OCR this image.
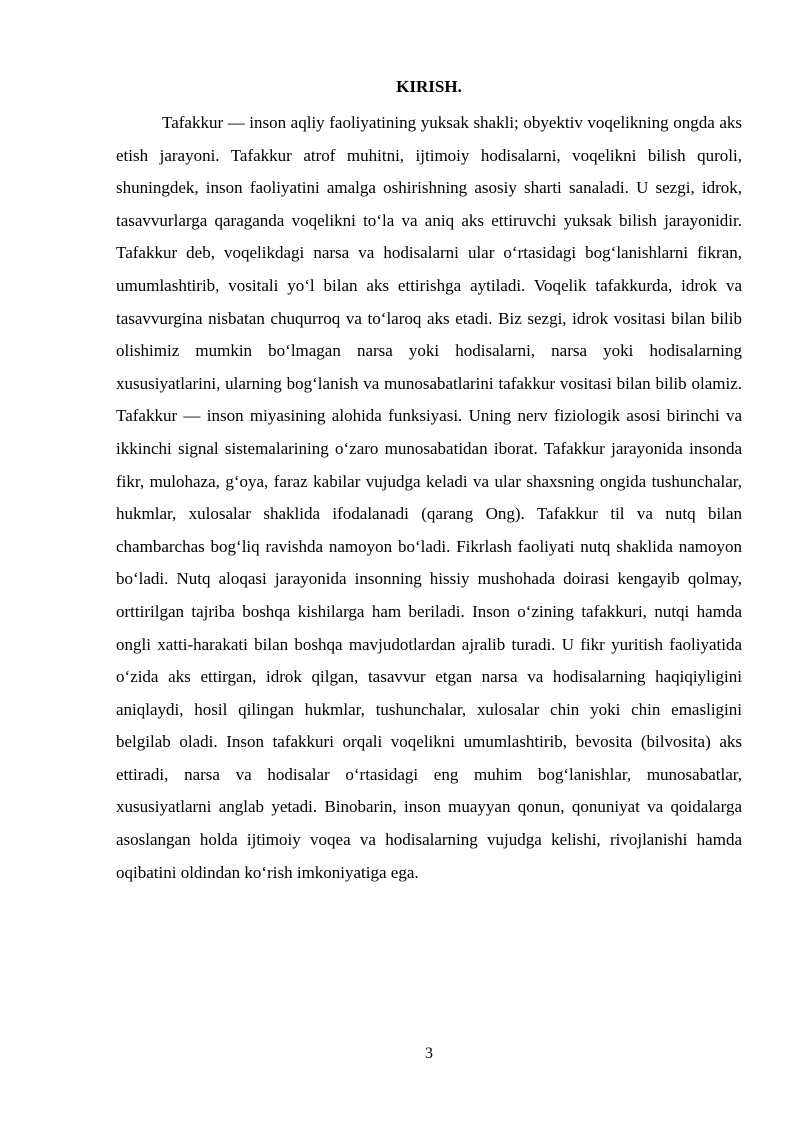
KIRISH.

Tafakkur — inson aqliy faoliyatining yuksak shakli; obyektiv voqelikning ongda aks etish jarayoni. Tafakkur atrof muhitni, ijtimoiy hodisalarni, voqelikni bilish quroli, shuningdek, inson faoliyatini amalga oshirishning asosiy sharti sanaladi. U sezgi, idrok, tasavvurlarga qaraganda voqelikni to‘la va aniq aks ettiruvchi yuksak bilish jarayonidir. Tafakkur deb, voqelikdagi narsa va hodisalarni ular o‘rtasidagi bog‘lanishlarni fikran, umumlashtirib, vositali yo‘l bilan aks ettirishga aytiladi. Voqelik tafakkurda, idrok va tasavvurgina nisbatan chuqurroq va to‘laroq aks etadi. Biz sezgi, idrok vositasi bilan bilib olishimiz mumkin bo‘lmagan narsa yoki hodisalarni, narsa yoki hodisalarning xususiyatlarini, ularning bog‘lanish va munosabatlarini tafakkur vositasi bilan bilib olamiz. Tafakkur — inson miyasining alohida funksiyasi. Uning nerv fiziologik asosi birinchi va ikkinchi signal sistemalarining o‘zaro munosabatidan iborat. Tafakkur jarayonida insonda fikr, mulohaza, g‘oya, faraz kabilar vujudga keladi va ular shaxsning ongida tushunchalar, hukmlar, xulosalar shaklida ifodalanadi (qarang Ong). Tafakkur til va nutq bilan chambarchas bog‘liq ravishda namoyon bo‘ladi. Fikrlash faoliyati nutq shaklida namoyon bo‘ladi. Nutq aloqasi jarayonida insonning hissiy mushohada doirasi kengayib qolmay, orttirilgan tajriba boshqa kishilarga ham beriladi. Inson o‘zining tafakkuri, nutqi hamda ongli xatti-harakati bilan boshqa mavjudotlardan ajralib turadi. U fikr yuritish faoliyatida o‘zida aks ettirgan, idrok qilgan, tasavvur etgan narsa va hodisalarning haqiqiyligini aniqlaydi, hosil qilingan hukmlar, tushunchalar, xulosalar chin yoki chin emasligini belgilab oladi. Inson tafakkuri orqali voqelikni umumlashtirib, bevosita (bilvosita) aks ettiradi, narsa va hodisalar o‘rtasidagi eng muhim bog‘lanishlar, munosabatlar, xususiyatlarni anglab yetadi. Binobarin, inson muayyan qonun, qonuniyat va qoidalarga asoslangan holda ijtimoiy voqea va hodisalarning vujudga kelishi, rivojlanishi hamda oqibatini oldindan ko‘rish imkoniyatiga ega.

3
